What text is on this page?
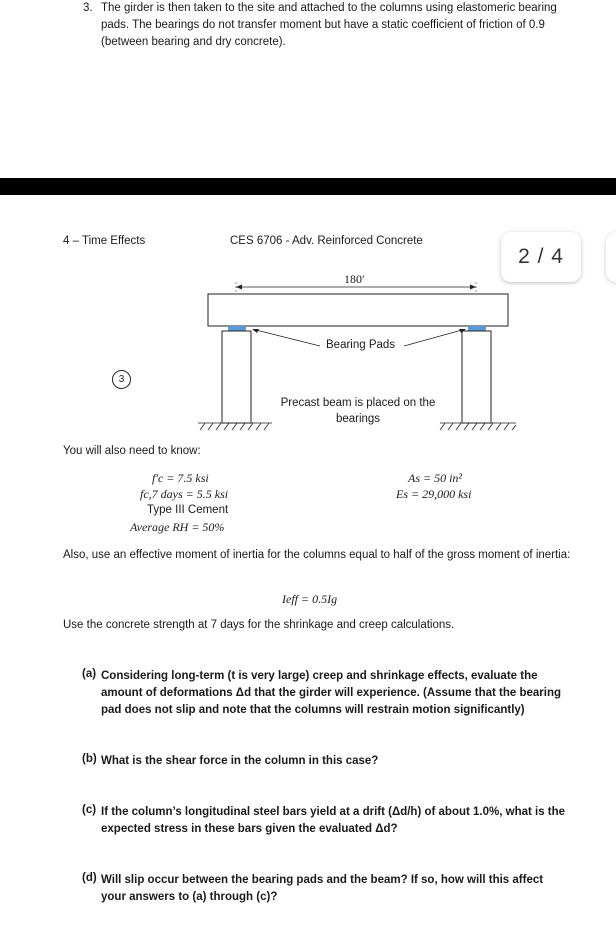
3. The girder is then taken to the site and attached to the columns using elastomeric bearing pads. The bearings do not transfer moment but have a static coefficient of friction of 0.9 (between bearing and dry concrete).
4 – Time Effects	CES 6706 - Adv. Reinforced Concrete
2 / 4
180′
Bearing Pads
Precast beam is placed on the
bearings
3
You will also need to know:
f′c = 7.5 ksi
fc,7 days = 5.5 ksi
Type III Cement
Average RH = 50%
As = 50 in²
Es = 29,000 ksi
Also, use an effective moment of inertia for the columns equal to half of the gross moment of inertia:
Ieff = 0.5Ig
Use the concrete strength at 7 days for the shrinkage and creep calculations.
(a) Considering long-term (t is very large) creep and shrinkage effects, evaluate the amount of deformations Δd that the girder will experience. (Assume that the bearing pad does not slip and note that the columns will restrain motion significantly)
(b) What is the shear force in the column in this case?
(c) If the column’s longitudinal steel bars yield at a drift (Δd/h) of about 1.0%, what is the expected stress in these bars given the evaluated Δd?
(d) Will slip occur between the bearing pads and the beam? If so, how will this affect your answers to (a) through (c)?
